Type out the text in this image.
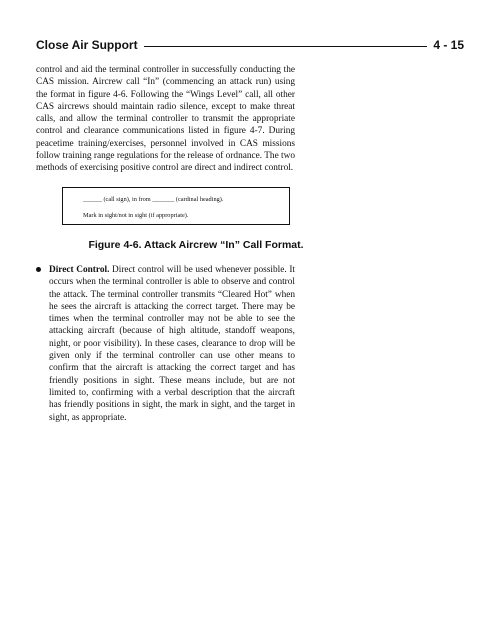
Close Air Support	4 - 15

control and aid the terminal controller in successfully conducting the CAS mission. Aircrew call “In” (commencing an attack run) using the format in figure 4-6. Following the “Wings Level” call, all other CAS aircrews should maintain radio silence, except to make threat calls, and allow the terminal controller to transmit the appropriate control and clearance communications listed in figure 4-7. During peacetime training/exercises, personnel involved in CAS missions follow training range regulations for the release of ordnance. The two methods of exercising positive control are direct and indirect control.

______ (call sign), in from _______ (cardinal heading).
Mark in sight/not in sight (if appropriate).
Figure 4-6. Attack Aircrew “In” Call Format.

Direct Control. Direct control will be used whenever possible. It occurs when the terminal controller is able to observe and control the attack. The terminal controller transmits “Cleared Hot” when he sees the aircraft is attacking the correct target. There may be times when the terminal controller may not be able to see the attacking aircraft (because of high altitude, standoff weapons, night, or poor visibility). In these cases, clearance to drop will be given only if the terminal controller can use other means to confirm that the aircraft is attacking the correct target and has friendly positions in sight. These means include, but are not limited to, confirming with a verbal description that the aircraft has friendly positions in sight, the mark in sight, and the target in sight, as appropriate.
